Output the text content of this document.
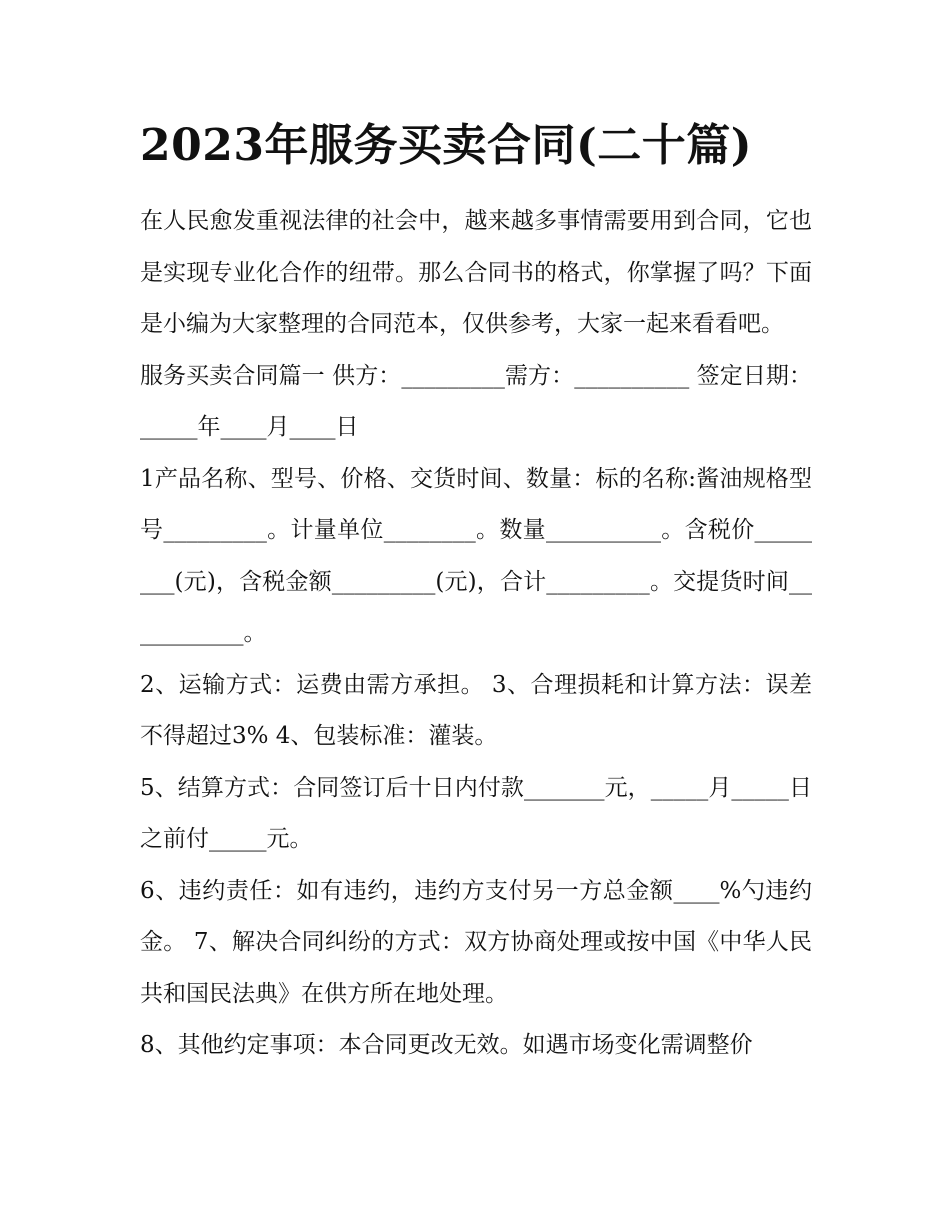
2023年服务买卖合同(二十篇)

在人民愈发重视法律的社会中，越来越多事情需要用到合同，它也是实现专业化合作的纽带。那么合同书的格式，你掌握了吗？下面是小编为大家整理的合同范本，仅供参考，大家一起来看看吧。

服务买卖合同篇一 供方：_________需方：__________ 签定日期：_____年____月____日

1产品名称、型号、价格、交货时间、数量：标的名称:酱油规格型号_________。计量单位________。数量__________。含税价________(元)，含税金额_________(元)，合计_________。交提货时间___________。

2、运输方式：运费由需方承担。 3、合理损耗和计算方法：误差不得超过3% 4、包装标准：灌装。

5、结算方式：合同签订后十日内付款_______元，_____月_____日之前付_____元。

6、违约责任：如有违约，违约方支付另一方总金额____%勺违约金。 7、解决合同纠纷的方式：双方协商处理或按中国《中华人民共和国民法典》在供方所在地处理。

8、其他约定事项：本合同更改无效。如遇市场变化需调整价
